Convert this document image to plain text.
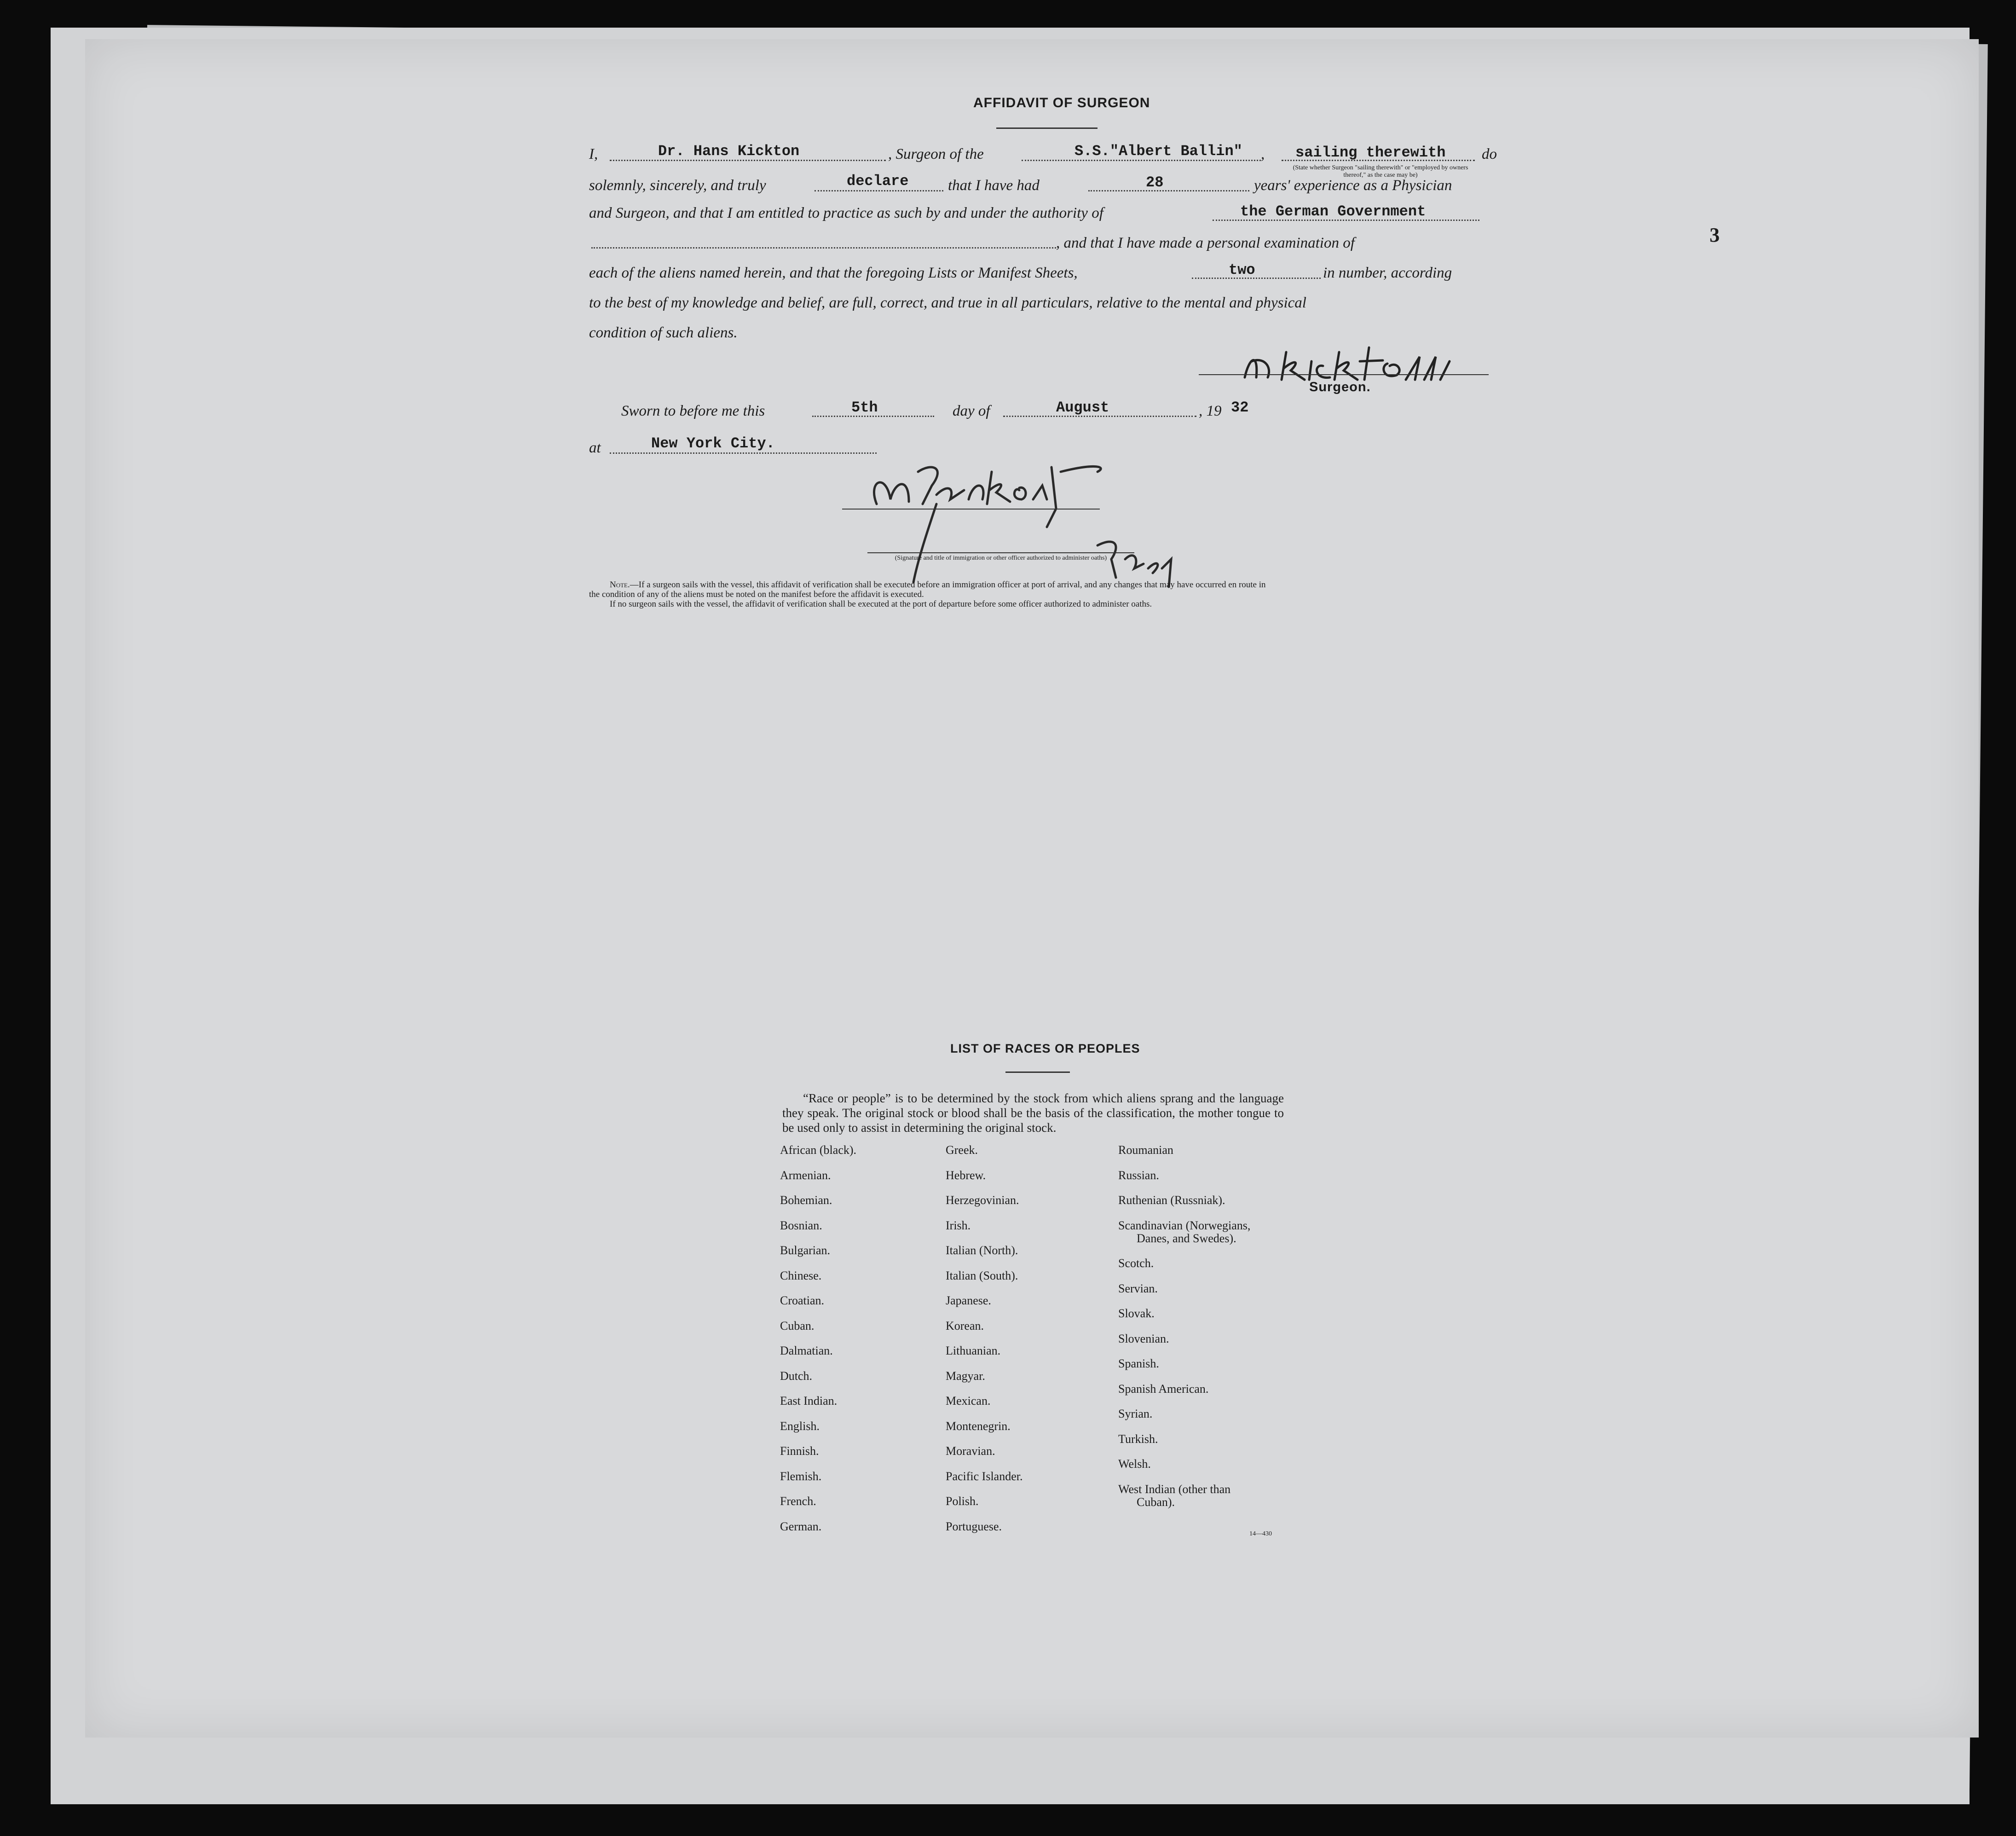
AFFIDAVIT OF SURGEON
I,	Dr. Hans Kickton	, Surgeon of the	S.S."Albert Ballin" , sailing therewith
(State whether Surgeon "sailing therewith" or "employed by owners thereof," as the case may be)
do
solemnly, sincerely, and truly	declare	that I have had	28	years' experience as a Physician
and Surgeon, and that I am entitled to practice as such by and under the authority of	the German Government
, and that I have made a personal examination of
each of the aliens named herein, and that the foregoing Lists or Manifest Sheets,	two	in number, according
to the best of my knowledge and belief, are full, correct, and true in all particulars, relative to the mental and physical
condition of such aliens.
Surgeon.
Sworn to before me this	5th	day of	August	, 19 32
at	New York City.
(Signature and title of immigration or other officer authorized to administer oaths)
Note.—If a surgeon sails with the vessel, this affidavit of verification shall be executed before an immigration officer at port of arrival, and any changes that may have occurred en route in
the condition of any of the aliens must be noted on the manifest before the affidavit is executed.
If no surgeon sails with the vessel, the affidavit of verification shall be executed at the port of departure before some officer authorized to administer oaths.
3
LIST OF RACES OR PEOPLES
“Race or people” is to be determined by the stock from which aliens sprang and the language they speak. The original stock or blood shall be the basis of the classification, the mother tongue to be used only to assist in determining the original stock.
African (black).
Armenian.
Bohemian.
Bosnian.
Bulgarian.
Chinese.
Croatian.
Cuban.
Dalmatian.
Dutch.
East Indian.
English.
Finnish.
Flemish.
French.
German.
Greek.
Hebrew.
Herzegovinian.
Irish.
Italian (North).
Italian (South).
Japanese.
Korean.
Lithuanian.
Magyar.
Mexican.
Montenegrin.
Moravian.
Pacific Islander.
Polish.
Portuguese.
Roumanian
Russian.
Ruthenian (Russniak).
Scandinavian (Norwegians,
Danes, and Swedes).
Scotch.
Servian.
Slovak.
Slovenian.
Spanish.
Spanish American.
Syrian.
Turkish.
Welsh.
West Indian (other than
Cuban).
14—430
